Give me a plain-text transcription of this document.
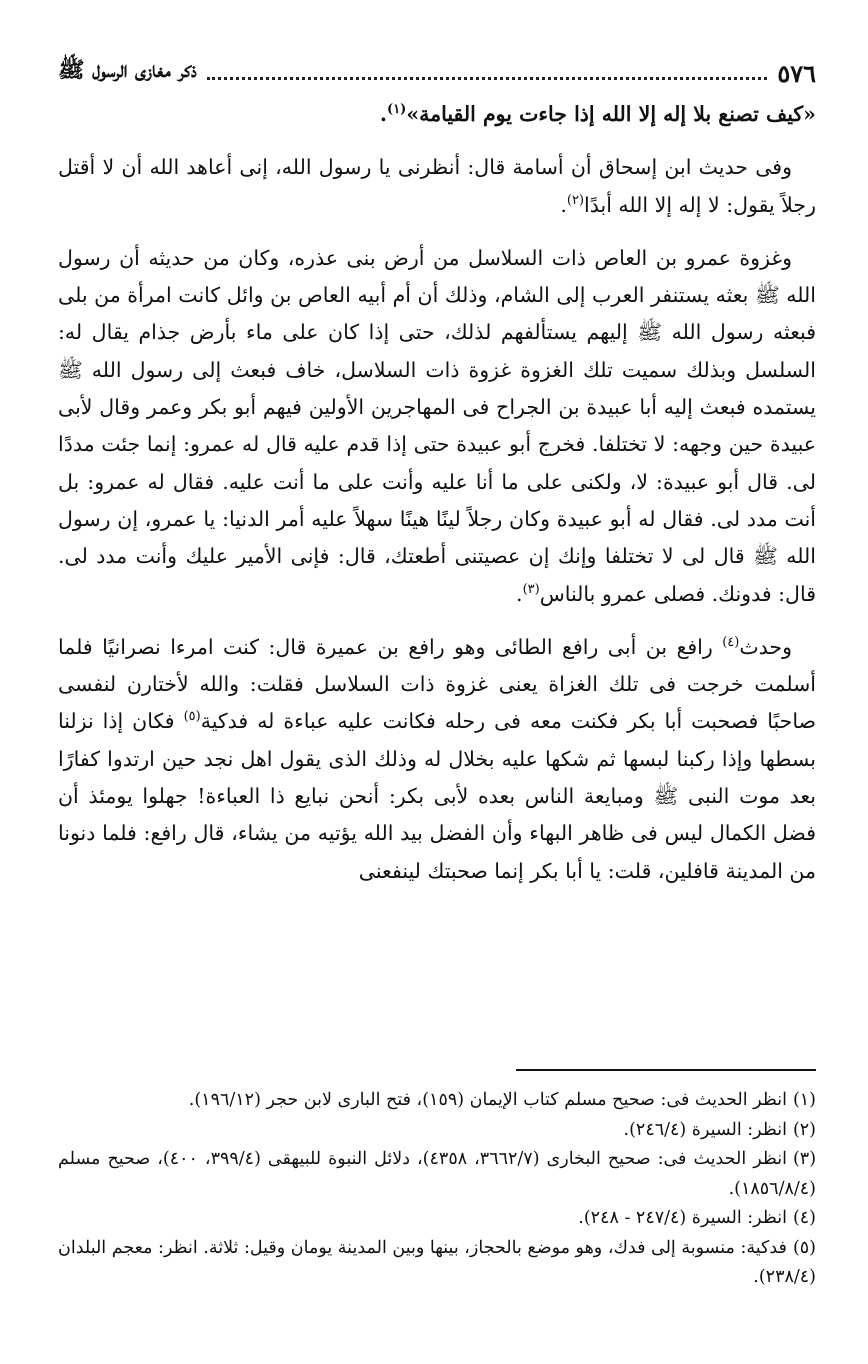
٥٧٦
ذكر مغازى الرسول ﷺ

«كيف تصنع بلا إله إلا الله إذا جاءت يوم القيامة»$^{(١)}$.

وفى حديث ابن إسحاق أن أسامة قال: أنظرنى يا رسول الله، إنى أعاهد الله أن لا أقتل رجلاً يقول: لا إله إلا الله أبدًا$^{(٢)}$.

وغزوة عمرو بن العاص ذات السلاسل من أرض بنى عذره، وكان من حديثه أن رسول الله ﷺ بعثه يستنفر العرب إلى الشام، وذلك أن أم أبيه العاص بن وائل كانت امرأة من بلى فبعثه رسول الله ﷺ إليهم يستألفهم لذلك، حتى إذا كان على ماء بأرض جذام يقال له: السلسل وبذلك سميت تلك الغزوة غزوة ذات السلاسل، خاف فبعث إلى رسول الله ﷺ يستمده فبعث إليه أبا عبيدة بن الجراح فى المهاجرين الأولين فيهم أبو بكر وعمر وقال لأبى عبيدة حين وجهه: لا تختلفا. فخرج أبو عبيدة حتى إذا قدم عليه قال له عمرو: إنما جئت مددًا لى. قال أبو عبيدة: لا، ولكنى على ما أنا عليه وأنت على ما أنت عليه. فقال له عمرو: بل أنت مدد لى. فقال له أبو عبيدة وكان رجلاً لينًا هينًا سهلاً عليه أمر الدنيا: يا عمرو، إن رسول الله ﷺ قال لى لا تختلفا وإنك إن عصيتنى أطعتك، قال: فإنى الأمير عليك وأنت مدد لى. قال: فدونك. فصلى عمرو بالناس$^{(٣)}$.

وحدث$^{(٤)}$ رافع بن أبى رافع الطائى وهو رافع بن عميرة قال: كنت امرءا نصرانيًا فلما أسلمت خرجت فى تلك الغزاة يعنى غزوة ذات السلاسل فقلت: والله لأختارن لنفسى صاحبًا فصحبت أبا بكر فكنت معه فى رحله فكانت عليه عباءة له فدكية$^{(٥)}$ فكان إذا نزلنا بسطها وإذا ركبنا لبسها ثم شكها عليه بخلال له وذلك الذى يقول اهل نجد حين ارتدوا كفارًا بعد موت النبى ﷺ ومبايعة الناس بعده لأبى بكر: أنحن نبايع ذا العباءة! جهلوا يومئذ أن فضل الكمال ليس فى ظاهر البهاء وأن الفضل بيد الله يؤتيه من يشاء، قال رافع: فلما دنونا من المدينة قافلين، قلت: يا أبا بكر إنما صحبتك لينفعنى

(١)انظر الحديث فى: صحيح مسلم كتاب الإيمان (١٥٩)، فتح البارى لابن حجر (١٩٦/١٢).

(٢)انظر: السيرة (٢٤٦/٤).

(٣)انظر الحديث فى: صحيح البخارى (٣٦٦٢/٧، ٤٣٥٨)، دلائل النبوة للبيهقى (٣٩٩/٤، ٤٠٠)، صحيح مسلم (١٨٥٦/٨/٤).

(٤)انظر: السيرة (٢٤٧/٤ - ٢٤٨).

(٥)فدكية: منسوبة إلى فدك، وهو موضع بالحجاز، بينها وبين المدينة يومان وقيل: ثلاثة. انظر: معجم البلدان (٢٣٨/٤).
